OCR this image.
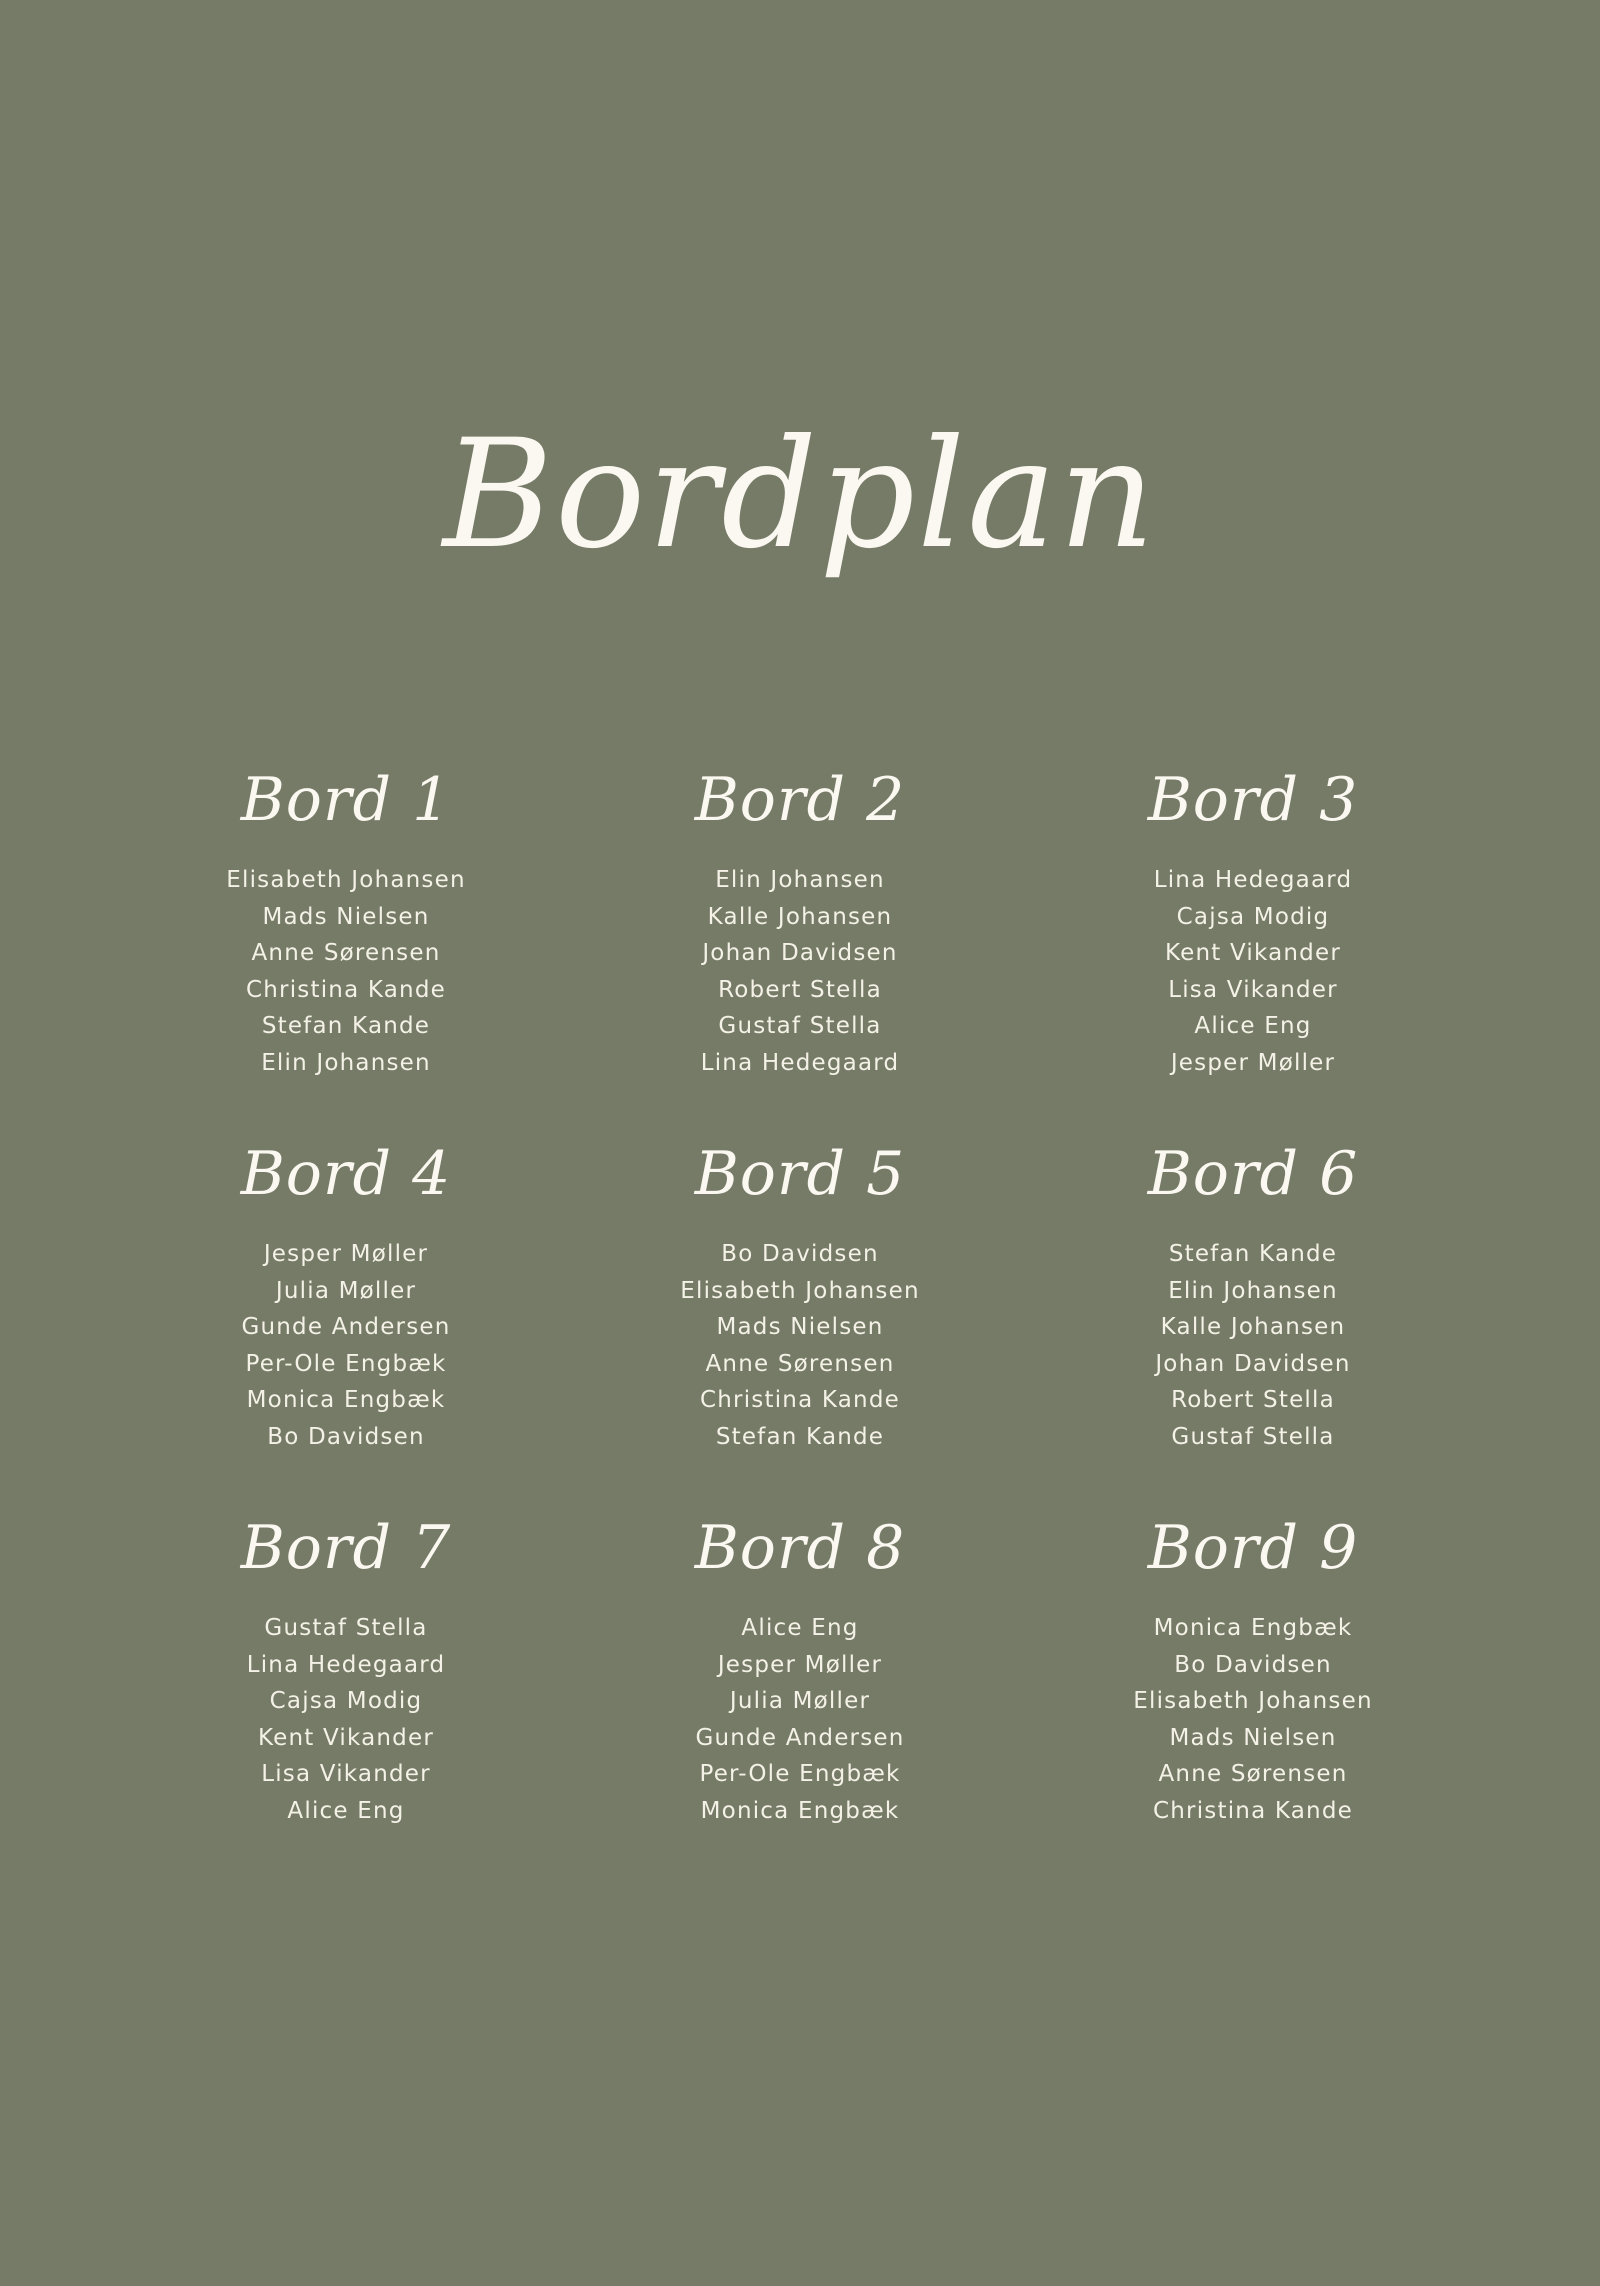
Bordplan
Bord 1
Elisabeth Johansen
Mads Nielsen
Anne Sørensen
Christina Kande
Stefan Kande
Elin Johansen
Bord 2
Elin Johansen
Kalle Johansen
Johan Davidsen
Robert Stella
Gustaf Stella
Lina Hedegaard
Bord 3
Lina Hedegaard
Cajsa Modig
Kent Vikander
Lisa Vikander
Alice Eng
Jesper Møller
Bord 4
Jesper Møller
Julia Møller
Gunde Andersen
Per-Ole Engbæk
Monica Engbæk
Bo Davidsen
Bord 5
Bo Davidsen
Elisabeth Johansen
Mads Nielsen
Anne Sørensen
Christina Kande
Stefan Kande
Bord 6
Stefan Kande
Elin Johansen
Kalle Johansen
Johan Davidsen
Robert Stella
Gustaf Stella
Bord 7
Gustaf Stella
Lina Hedegaard
Cajsa Modig
Kent Vikander
Lisa Vikander
Alice Eng
Bord 8
Alice Eng
Jesper Møller
Julia Møller
Gunde Andersen
Per-Ole Engbæk
Monica Engbæk
Bord 9
Monica Engbæk
Bo Davidsen
Elisabeth Johansen
Mads Nielsen
Anne Sørensen
Christina Kande
